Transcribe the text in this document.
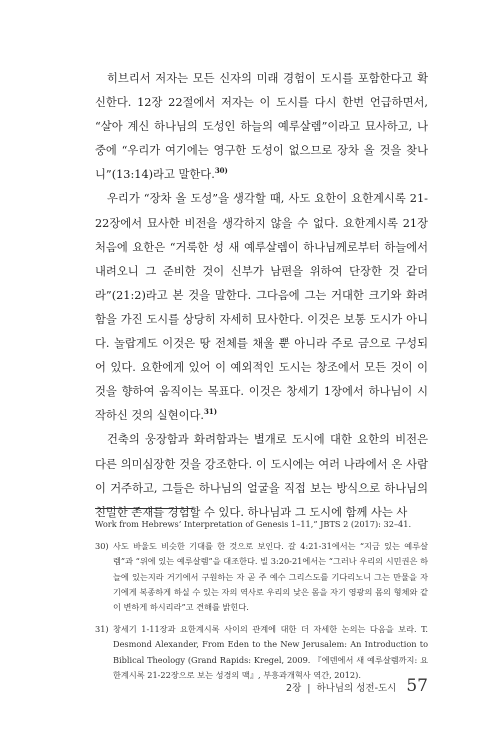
히브리서 저자는 모든 신자의 미래 경험이 도시를 포함한다고 확신한다. 12장 22절에서 저자는 이 도시를 다시 한번 언급하면서, “살아 계신 하나님의 도성인 하늘의 예루살렘”이라고 묘사하고, 나중에 “우리가 여기에는 영구한 도성이 없으므로 장차 올 것을 찾나니”(13:14)라고 말한다.$^{30)}$

우리가 “장차 올 도성”을 생각할 때, 사도 요한이 요한계시록 21-22장에서 묘사한 비전을 생각하지 않을 수 없다. 요한계시록 21장 처음에 요한은 “거룩한 성 새 예루살렘이 하나님께로부터 하늘에서 내려오니 그 준비한 것이 신부가 남편을 위하여 단장한 것 같더라”(21:2)라고 본 것을 말한다. 그다음에 그는 거대한 크기와 화려함을 가진 도시를 상당히 자세히 묘사한다. 이것은 보통 도시가 아니다. 놀랍게도 이것은 땅 전체를 채울 뿐 아니라 주로 금으로 구성되어 있다. 요한에게 있어 이 예외적인 도시는 창조에서 모든 것이 이것을 향하여 움직이는 목표다. 이것은 창세기 1장에서 하나님이 시작하신 것의 실현이다.$^{31)}$

건축의 웅장함과 화려함과는 별개로 도시에 대한 요한의 비전은 다른 의미심장한 것을 강조한다. 이 도시에는 여러 나라에서 온 사람이 거주하고, 그들은 하나님의 얼굴을 직접 보는 방식으로 하나님의 친밀한 존재를 경험할 수 있다. 하나님과 그 도시에 함께 사는 사

Work from Hebrews’ Interpretation of Genesis 1–11,” JBTS 2 (2017): 32–41.

30) 사도 바울도 비슷한 기대를 한 것으로 보인다. 갈 4:21-31에서는 “지금 있는 예루살렘”과 “위에 있는 예루살렘”을 대조한다. 빌 3:20-21에서는 “그러나 우리의 시민권은 하늘에 있는지라 거기에서 구원하는 자 곧 주 예수 그리스도를 기다리노니 그는 만물을 자기에게 복종하게 하실 수 있는 자의 역사로 우리의 낮은 몸을 자기 영광의 몸의 형체와 같이 변하게 하시리라”고 견해를 밝힌다.
31) 창세기 1-11장과 요한계시록 사이의 관계에 대한 더 자세한 논의는 다음을 보라. T. Desmond Alexander, From Eden to the New Jerusalem: An Introduction to Biblical Theology (Grand Rapids: Kregel, 2009. 『에덴에서 새 예루살렘까지: 요한계시록 21-22장으로 보는 성경의 맥』, 부흥과개혁사 역간, 2012).
2장 | 하나님의 성전-도시 57
